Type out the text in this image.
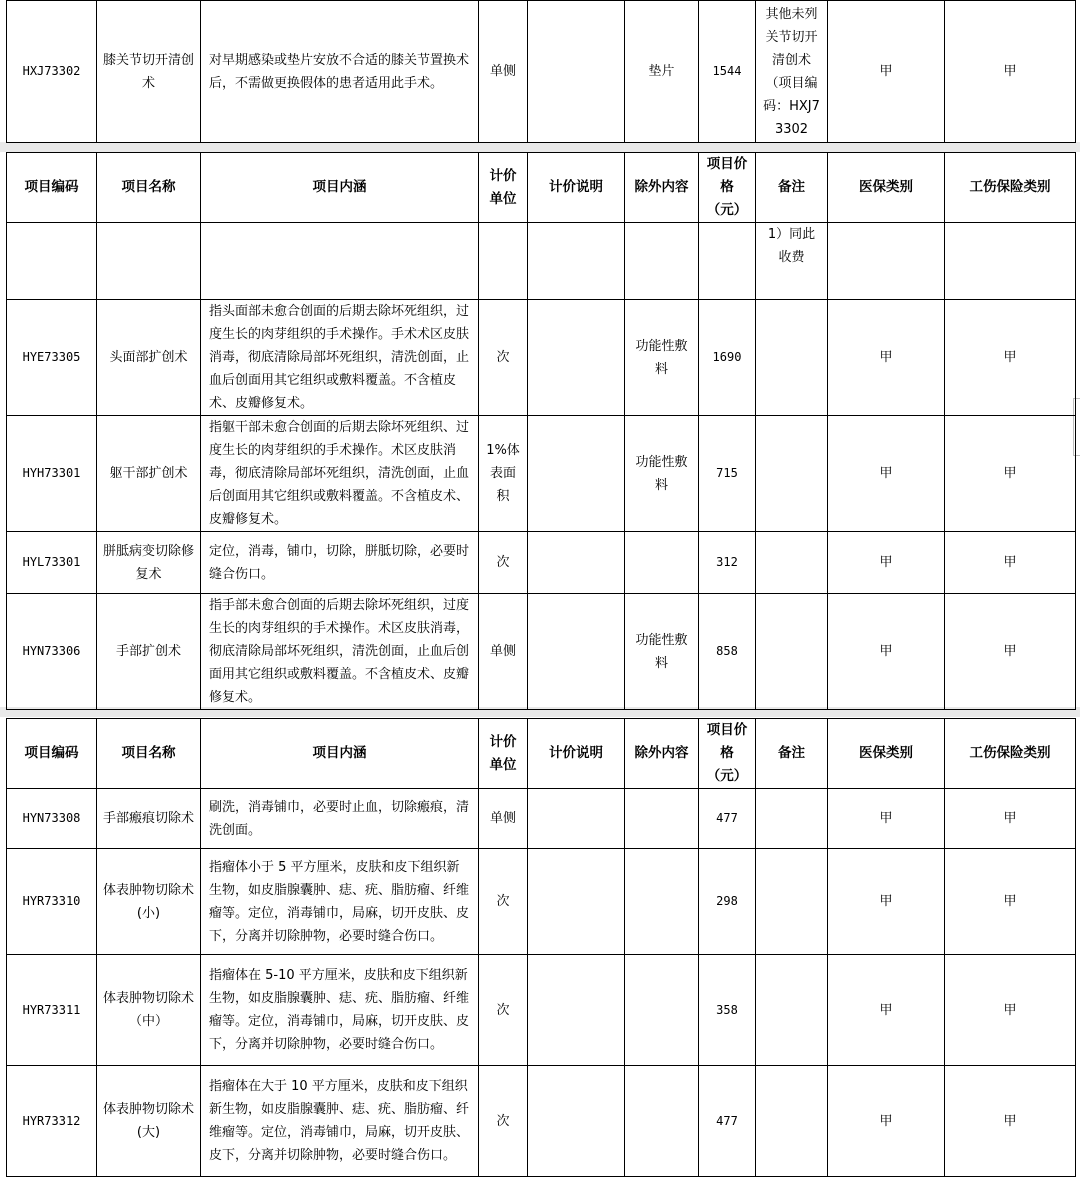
HXJ73302	膝关节切开清创术	对早期感染或垫片安放不合适的膝关节置换术后，不需做更换假体的患者适用此手术。	单侧		垫片	1544	其他未列关节切开清创术（项目编码：HXJ73302	甲	甲
项目编码	项目名称	项目内涵	计价单位	计价说明	除外内容	项目价格（元）	备注	医保类别	工伤保险类别
							1）同此收费		
HYE73305	头面部扩创术	指头面部未愈合创面的后期去除坏死组织，过度生长的肉芽组织的手术操作。手术术区皮肤消毒，彻底清除局部坏死组织，清洗创面，止血后创面用其它组织或敷料覆盖。不含植皮术、皮瓣修复术。	次		功能性敷料	1690		甲	甲
HYH73301	躯干部扩创术	指躯干部未愈合创面的后期去除坏死组织、过度生长的肉芽组织的手术操作。术区皮肤消毒，彻底清除局部坏死组织，清洗创面，止血后创面用其它组织或敷料覆盖。不含植皮术、皮瓣修复术。	1%体表面积		功能性敷料	715		甲	甲
HYL73301	胼胝病变切除修复术	定位，消毒，铺巾，切除，胼胝切除，必要时缝合伤口。	次			312		甲	甲
HYN73306	手部扩创术	指手部未愈合创面的后期去除坏死组织，过度生长的肉芽组织的手术操作。术区皮肤消毒，彻底清除局部坏死组织，清洗创面，止血后创面用其它组织或敷料覆盖。不含植皮术、皮瓣修复术。	单侧		功能性敷料	858		甲	甲
项目编码	项目名称	项目内涵	计价单位	计价说明	除外内容	项目价格（元）	备注	医保类别	工伤保险类别
HYN73308	手部瘢痕切除术	刷洗，消毒铺巾，必要时止血，切除瘢痕，清洗创面。	单侧			477		甲	甲
HYR73310	体表肿物切除术(小)	指瘤体小于 5 平方厘米，皮肤和皮下组织新生物，如皮脂腺囊肿、痣、疣、脂肪瘤、纤维瘤等。定位，消毒铺巾，局麻，切开皮肤、皮下，分离并切除肿物，必要时缝合伤口。	次			298		甲	甲
HYR73311	体表肿物切除术（中）	指瘤体在 5-10 平方厘米，皮肤和皮下组织新生物，如皮脂腺囊肿、痣、疣、脂肪瘤、纤维瘤等。定位，消毒铺巾，局麻，切开皮肤、皮下，分离并切除肿物，必要时缝合伤口。	次			358		甲	甲
HYR73312	体表肿物切除术(大)	指瘤体在大于 10 平方厘米，皮肤和皮下组织新生物，如皮脂腺囊肿、痣、疣、脂肪瘤、纤维瘤等。定位，消毒铺巾，局麻，切开皮肤、皮下，分离并切除肿物，必要时缝合伤口。	次			477		甲	甲
